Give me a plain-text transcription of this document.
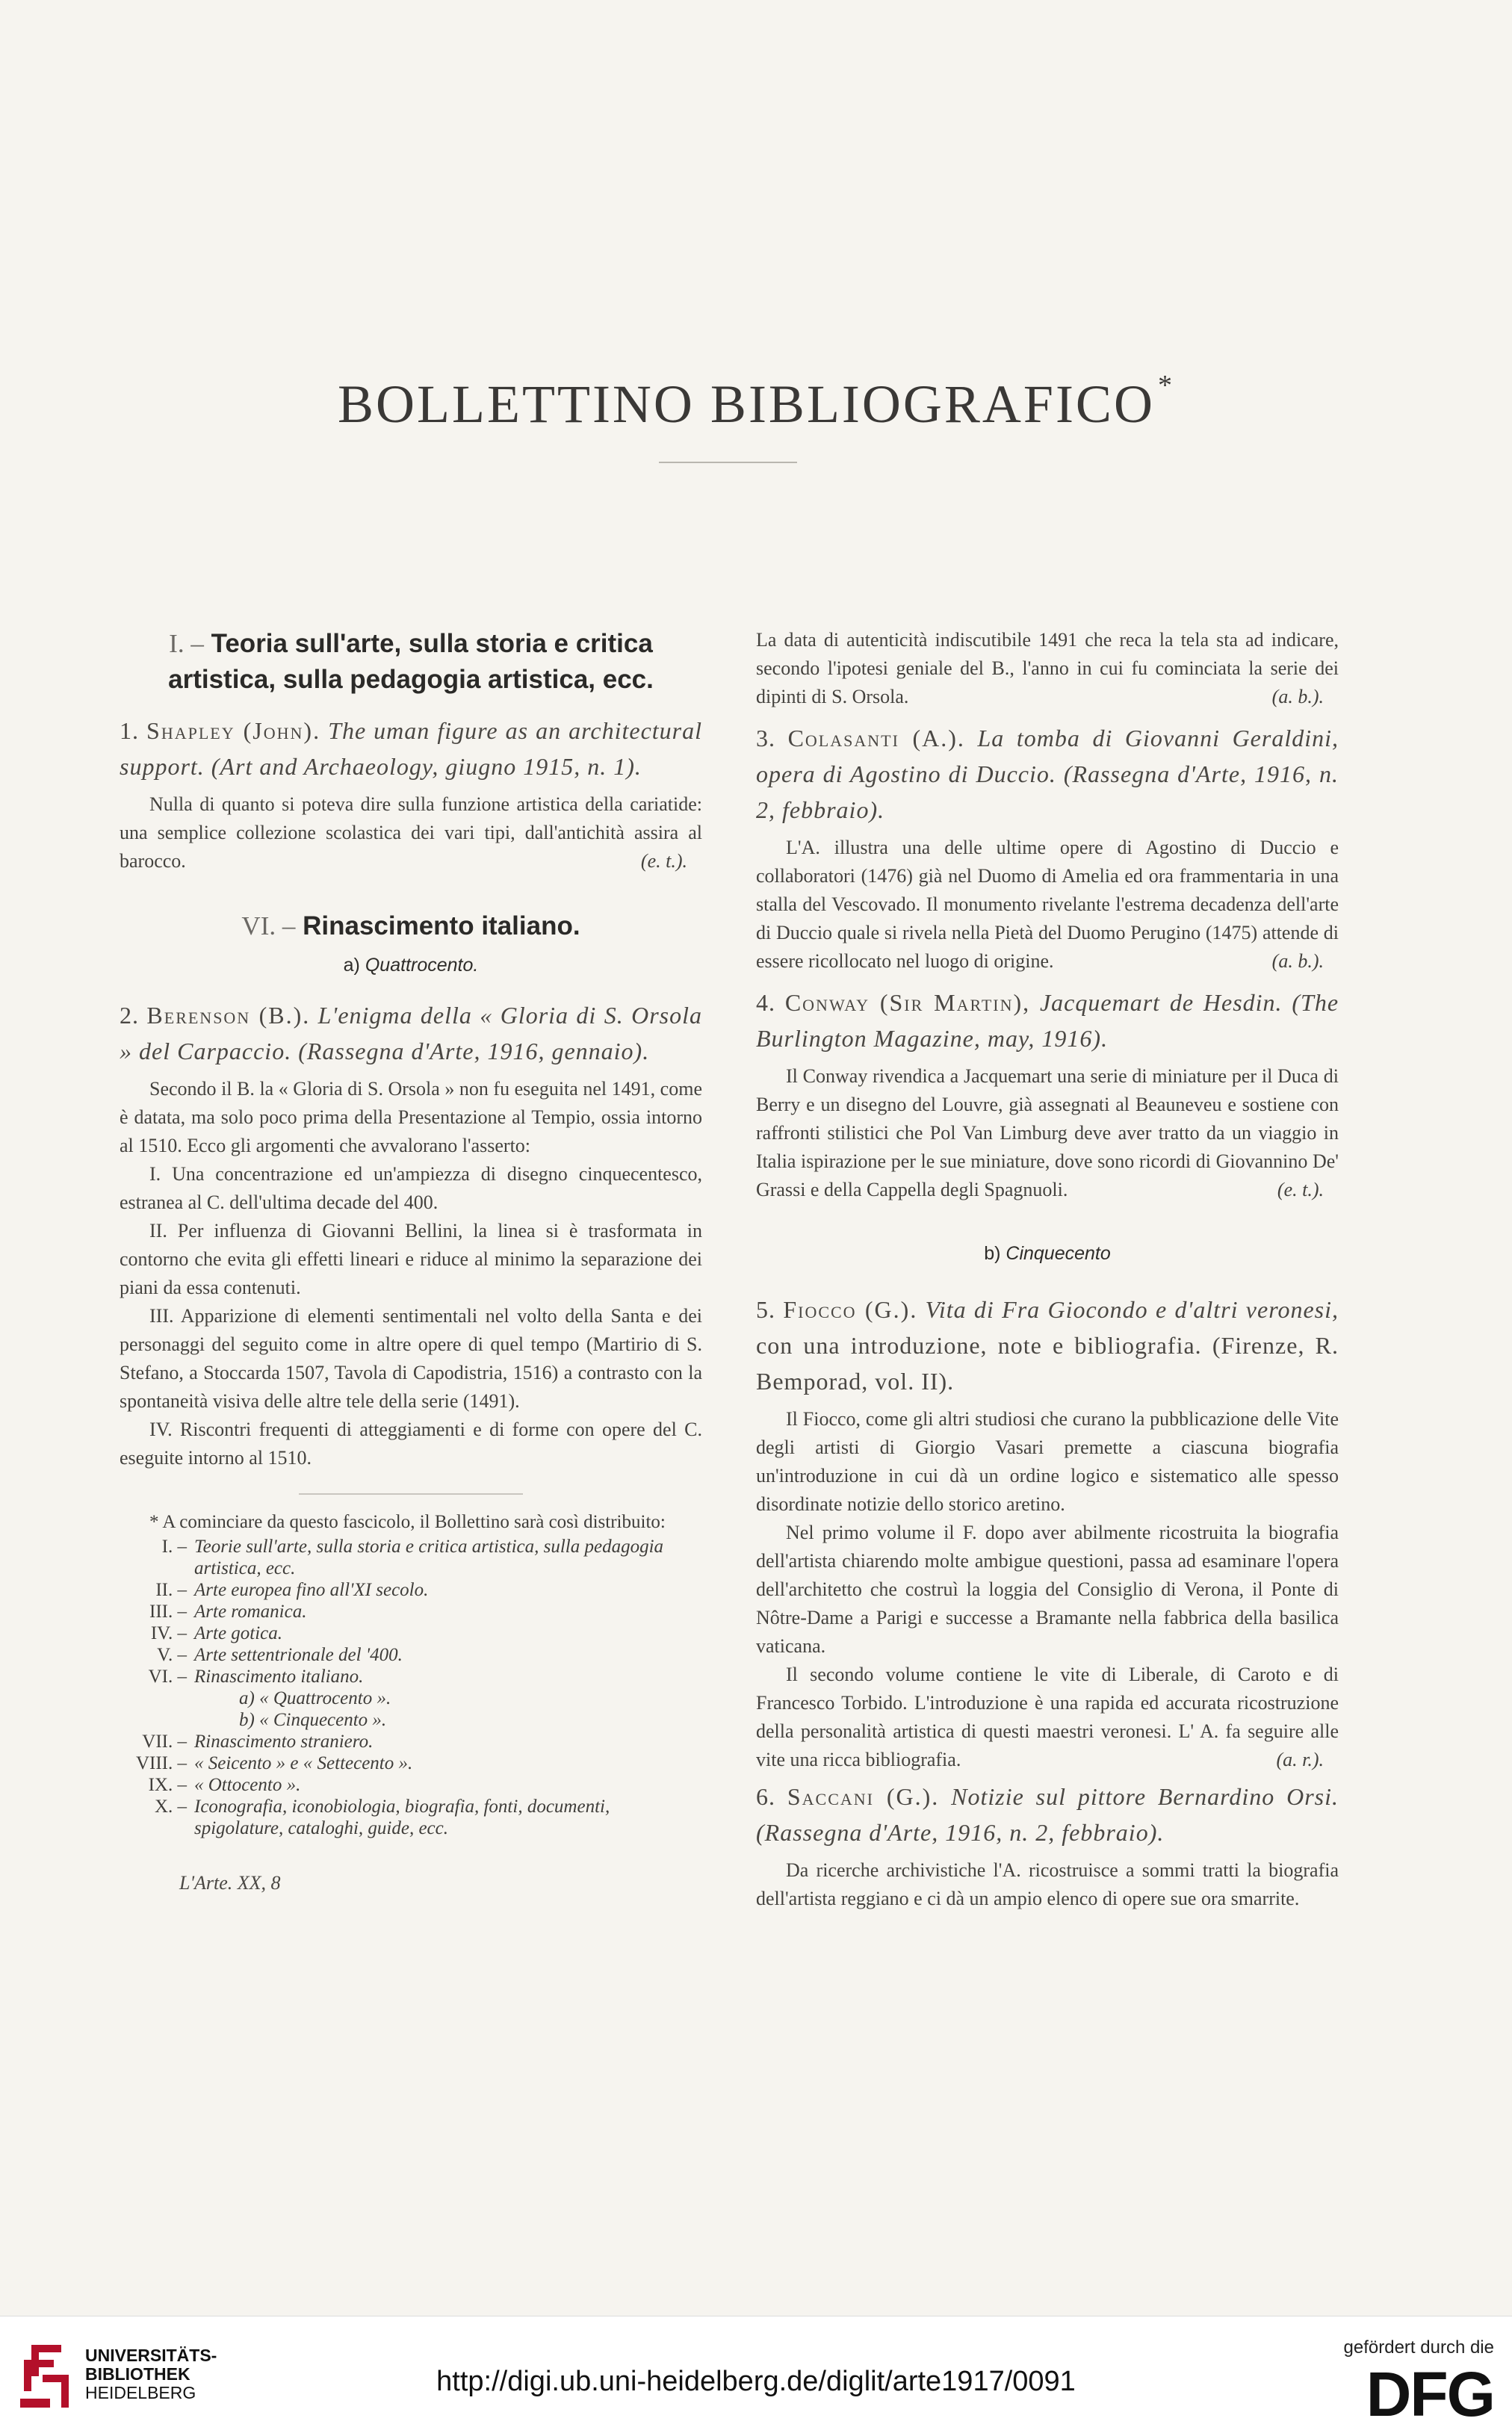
BOLLETTINO BIBLIOGRAFICO *
I. – Teoria sull'arte, sulla storia e critica artistica, sulla pedagogia artistica, ecc.
1. Shapley (John). The uman figure as an architectural support. (Art and Archaeology, giugno 1915, n. 1).

Nulla di quanto si poteva dire sulla funzione artistica della cariatide: una semplice collezione scolastica dei vari tipi, dall'antichità assira al barocco.	(e. t.).

VI. – Rinascimento italiano.
a) Quattrocento.
2. Berenson (B.). L'enigma della « Gloria di S. Orsola » del Carpaccio. (Rassegna d'Arte, 1916, gennaio).

Secondo il B. la « Gloria di S. Orsola » non fu eseguita nel 1491, come è datata, ma solo poco prima della Presentazione al Tempio, ossia intorno al 1510. Ecco gli argomenti che avvalorano l'asserto:

I. Una concentrazione ed un'ampiezza di disegno cinquecentesco, estranea al C. dell'ultima decade del 400.

II. Per influenza di Giovanni Bellini, la linea si è trasformata in contorno che evita gli effetti lineari e riduce al minimo la separazione dei piani da essa contenuti.

III. Apparizione di elementi sentimentali nel volto della Santa e dei personaggi del seguito come in altre opere di quel tempo (Martirio di S. Stefano, a Stoccarda 1507, Tavola di Capodistria, 1516) a contrasto con la spontaneità visiva delle altre tele della serie (1491).

IV. Riscontri frequenti di atteggiamenti e di forme con opere del C. eseguite intorno al 1510.

* A cominciare da questo fascicolo, il Bollettino sarà così distribuito:
I. – Teorie sull'arte, sulla storia e critica artistica, sulla pedagogia artistica, ecc.
II. – Arte europea fino all'XI secolo.
III. – Arte romanica.
IV. – Arte gotica.
V. – Arte settentrionale del '400.
VI. – Rinascimento italiano.
a) « Quattrocento ».
b) « Cinquecento ».
VII. – Rinascimento straniero.
VIII. – « Seicento » e « Settecento ».
IX. – « Ottocento ».
X. – Iconografia, iconobiologia, biografia, fonti, documenti, spigolature, cataloghi, guide, ecc.
L'Arte. XX, 8

La data di autenticità indiscutibile 1491 che reca la tela sta ad indicare, secondo l'ipotesi geniale del B., l'anno in cui fu cominciata la serie dei dipinti di S. Orsola.	(a. b.).

3. Colasanti (A.). La tomba di Giovanni Geraldini, opera di Agostino di Duccio. (Rassegna d'Arte, 1916, n. 2, febbraio).

L'A. illustra una delle ultime opere di Agostino di Duccio e collaboratori (1476) già nel Duomo di Amelia ed ora frammentaria in una stalla del Vescovado. Il monumento rivelante l'estrema decadenza dell'arte di Duccio quale si rivela nella Pietà del Duomo Perugino (1475) attende di essere ricollocato nel luogo di origine.	(a. b.).

4. Conway (Sir Martin), Jacquemart de Hesdin. (The Burlington Magazine, may, 1916).

Il Conway rivendica a Jacquemart una serie di miniature per il Duca di Berry e un disegno del Louvre, già assegnati al Beauneveu e sostiene con raffronti stilistici che Pol Van Limburg deve aver tratto da un viaggio in Italia ispirazione per le sue miniature, dove sono ricordi di Giovannino De' Grassi e della Cappella degli Spagnuoli.	(e. t.).

b) Cinquecento
5. Fiocco (G.). Vita di Fra Giocondo e d'altri veronesi, con una introduzione, note e bibliografia. (Firenze, R. Bemporad, vol. II).

Il Fiocco, come gli altri studiosi che curano la pubblicazione delle Vite degli artisti di Giorgio Vasari premette a ciascuna biografia un'introduzione in cui dà un ordine logico e sistematico alle spesso disordinate notizie dello storico aretino.

Nel primo volume il F. dopo aver abilmente ricostruita la biografia dell'artista chiarendo molte ambigue questioni, passa ad esaminare l'opera dell'architetto che costruì la loggia del Consiglio di Verona, il Ponte di Nôtre-Dame a Parigi e successe a Bramante nella fabbrica della basilica vaticana.

Il secondo volume contiene le vite di Liberale, di Caroto e di Francesco Torbido. L'introduzione è una rapida ed accurata ricostruzione della personalità artistica di questi maestri veronesi. L' A. fa seguire alle vite una ricca bibliografia.	(a. r.).

6. Saccani (G.). Notizie sul pittore Bernardino Orsi. (Rassegna d'Arte, 1916, n. 2, febbraio).

Da ricerche archivistiche l'A. ricostruisce a sommi tratti la biografia dell'artista reggiano e ci dà un ampio elenco di opere sue ora smarrite.

UNIVERSITÄTS-
BIBLIOTHEK
HEIDELBERG	http://digi.ub.uni-heidelberg.de/diglit/arte1917/0091
gefördert durch die
DFG
